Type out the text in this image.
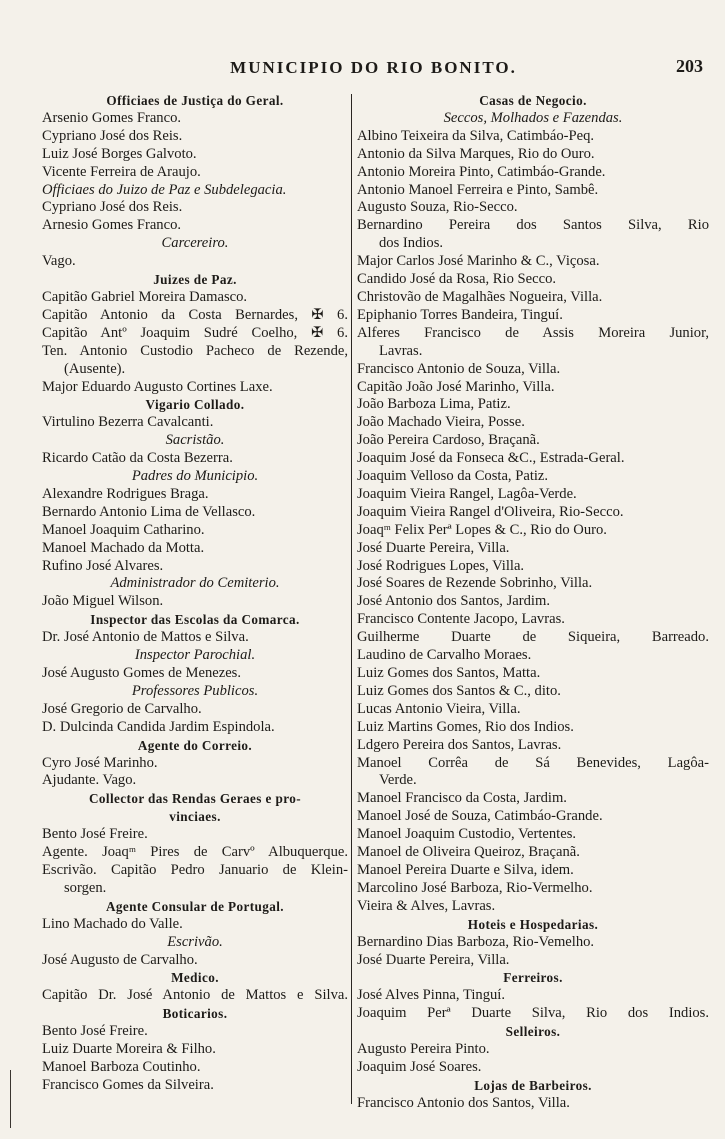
MUNICIPIO DO RIO BONITO.	203
Officiaes de Justiça do Geral.
Arsenio Gomes Franco.
Cypriano José dos Reis.
Luiz José Borges Galvoto.
Vicente Ferreira de Araujo.
Officiaes do Juizo de Paz e Subdelegacia.
Cypriano José dos Reis.
Arnesio Gomes Franco.
Carcereiro.
Vago.
Juizes de Paz.
Capitão Gabriel Moreira Damasco.
Capitão Antonio da Costa Bernardes, ✠ 6.
Capitão Antº Joaquim Sudré Coelho, ✠ 6.
Ten. Antonio Custodio Pacheco de Rezende,
(Ausente).
Major Eduardo Augusto Cortines Laxe.
Vigario Collado.
Virtulino Bezerra Cavalcanti.
Sacristão.
Ricardo Catão da Costa Bezerra.
Padres do Municipio.
Alexandre Rodrigues Braga.
Bernardo Antonio Lima de Vellasco.
Manoel Joaquim Catharino.
Manoel Machado da Motta.
Rufino José Alvares.
Administrador do Cemiterio.
João Miguel Wilson.
Inspector das Escolas da Comarca.
Dr. José Antonio de Mattos e Silva.
Inspector Parochial.
José Augusto Gomes de Menezes.
Professores Publicos.
José Gregorio de Carvalho.
D. Dulcinda Candida Jardim Espindola.
Agente do Correio.
Cyro José Marinho.
Ajudante. Vago.
Collector das Rendas Geraes e pro-
vinciaes.
Bento José Freire.
Agente. Joaqᵐ Pires de Carvº Albuquerque.
Escrivão. Capitão Pedro Januario de Klein-
sorgen.
Agente Consular de Portugal.
Lino Machado do Valle.
Escrivão.
José Augusto de Carvalho.
Medico.
Capitão Dr. José Antonio de Mattos e Silva.
Boticarios.
Bento José Freire.
Luiz Duarte Moreira & Filho.
Manoel Barboza Coutinho.
Francisco Gomes da Silveira.
Casas de Negocio.
Seccos, Molhados e Fazendas.
Albino Teixeira da Silva, Catimbáo-Peq.
Antonio da Silva Marques, Rio do Ouro.
Antonio Moreira Pinto, Catimbáo-Grande.
Antonio Manoel Ferreira e Pinto, Sambê.
Augusto Souza, Rio-Secco.
Bernardino Pereira dos Santos Silva, Rio
dos Indios.
Major Carlos José Marinho & C., Viçosa.
Candido José da Rosa, Rio Secco.
Christovão de Magalhães Nogueira, Villa.
Epiphanio Torres Bandeira, Tinguí.
Alferes Francisco de Assis Moreira Junior,
Lavras.
Francisco Antonio de Souza, Villa.
Capitão João José Marinho, Villa.
João Barboza Lima, Patiz.
João Machado Vieira, Posse.
João Pereira Cardoso, Braçanã.
Joaquim José da Fonseca &C., Estrada-Geral.
Joaquim Velloso da Costa, Patiz.
Joaquim Vieira Rangel, Lagôa-Verde.
Joaquim Vieira Rangel d'Oliveira, Rio-Secco.
Joaqᵐ Felix Perª Lopes & C., Rio do Ouro.
José Duarte Pereira, Villa.
José Rodrigues Lopes, Villa.
José Soares de Rezende Sobrinho, Villa.
José Antonio dos Santos, Jardim.
Francisco Contente Jacopo, Lavras.
Guilherme Duarte de Siqueira, Barreado.
Laudino de Carvalho Moraes.
Luiz Gomes dos Santos, Matta.
Luiz Gomes dos Santos & C., dito.
Lucas Antonio Vieira, Villa.
Luiz Martins Gomes, Rio dos Indios.
Ldgero Pereira dos Santos, Lavras.
Manoel Corrêa de Sá Benevides, Lagôa-
Verde.
Manoel Francisco da Costa, Jardim.
Manoel José de Souza, Catimbáo-Grande.
Manoel Joaquim Custodio, Vertentes.
Manoel de Oliveira Queiroz, Braçanã.
Manoel Pereira Duarte e Silva, idem.
Marcolino José Barboza, Rio-Vermelho.
Vieira & Alves, Lavras.
Hoteis e Hospedarias.
Bernardino Dias Barboza, Rio-Vemelho.
José Duarte Pereira, Villa.
Ferreiros.
José Alves Pinna, Tinguí.
Joaquim Perª Duarte Silva, Rio dos Indios.
Selleiros.
Augusto Pereira Pinto.
Joaquim José Soares.
Lojas de Barbeiros.
Francisco Antonio dos Santos, Villa.
